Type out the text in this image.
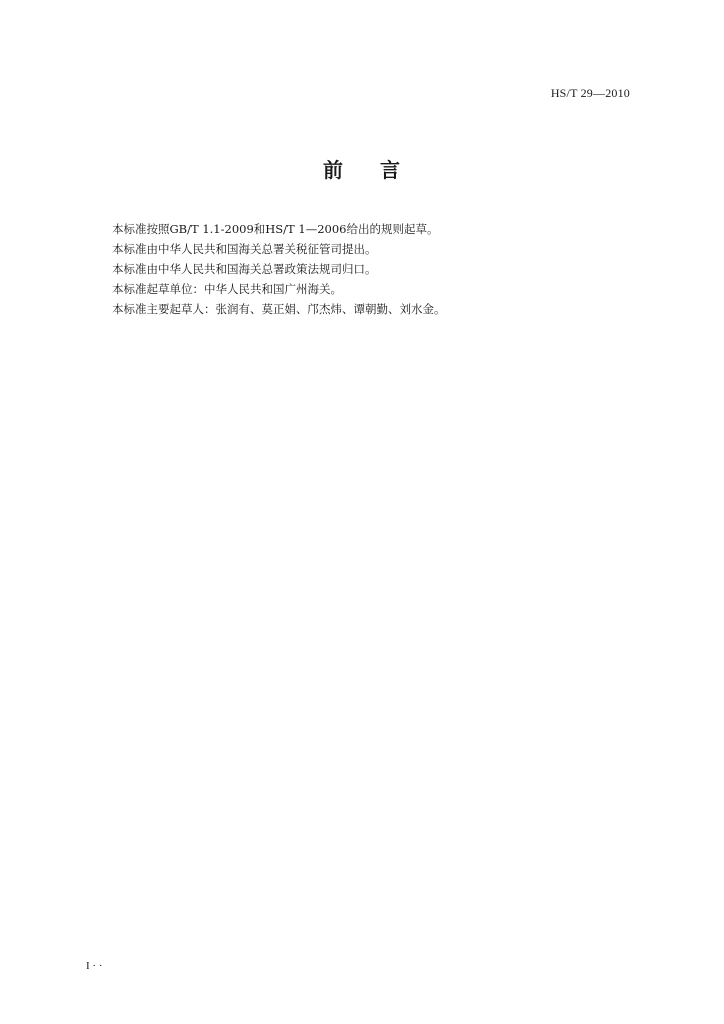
HS/T 29—2010
前 言
本标准按照GB/T 1.1-2009和HS/T 1—2006给出的规则起草。
本标准由中华人民共和国海关总署关税征管司提出。
本标准由中华人民共和国海关总署政策法规司归口。
本标准起草单位：中华人民共和国广州海关。
本标准主要起草人：张润有、莫正娟、邝杰炜、谭朝勤、刘水金。
I · ·
